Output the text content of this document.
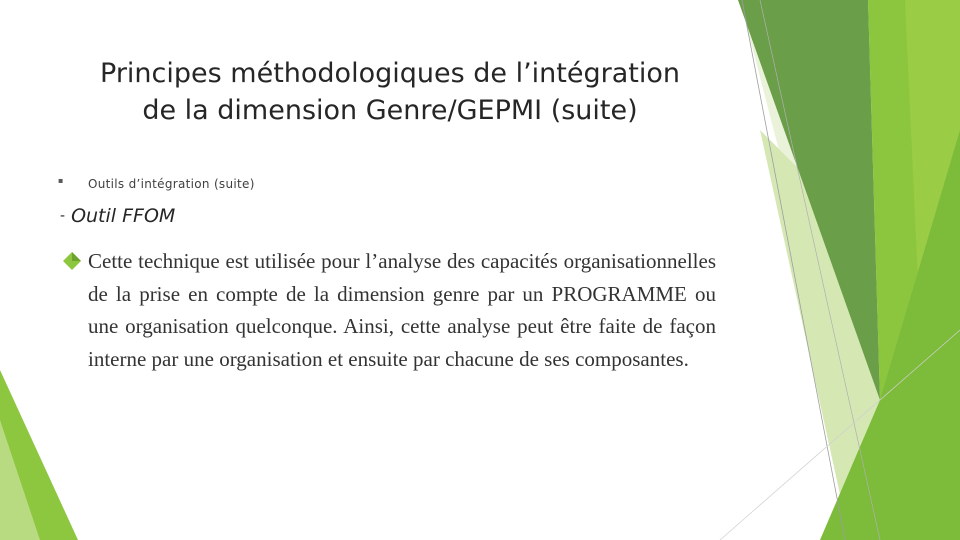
Principes méthodologiques de l’intégration
de la dimension Genre/GEPMI (suite)
▪ Outils d’intégration (suite)
- Outil FFOM

Cette technique est utilisée pour l’analyse des capacités organisationnelles de la prise en compte de la dimension genre par un PROGRAMME ou une organisation quelconque. Ainsi, cette analyse peut être faite de façon interne par une organisation et ensuite par chacune de ses composantes.
